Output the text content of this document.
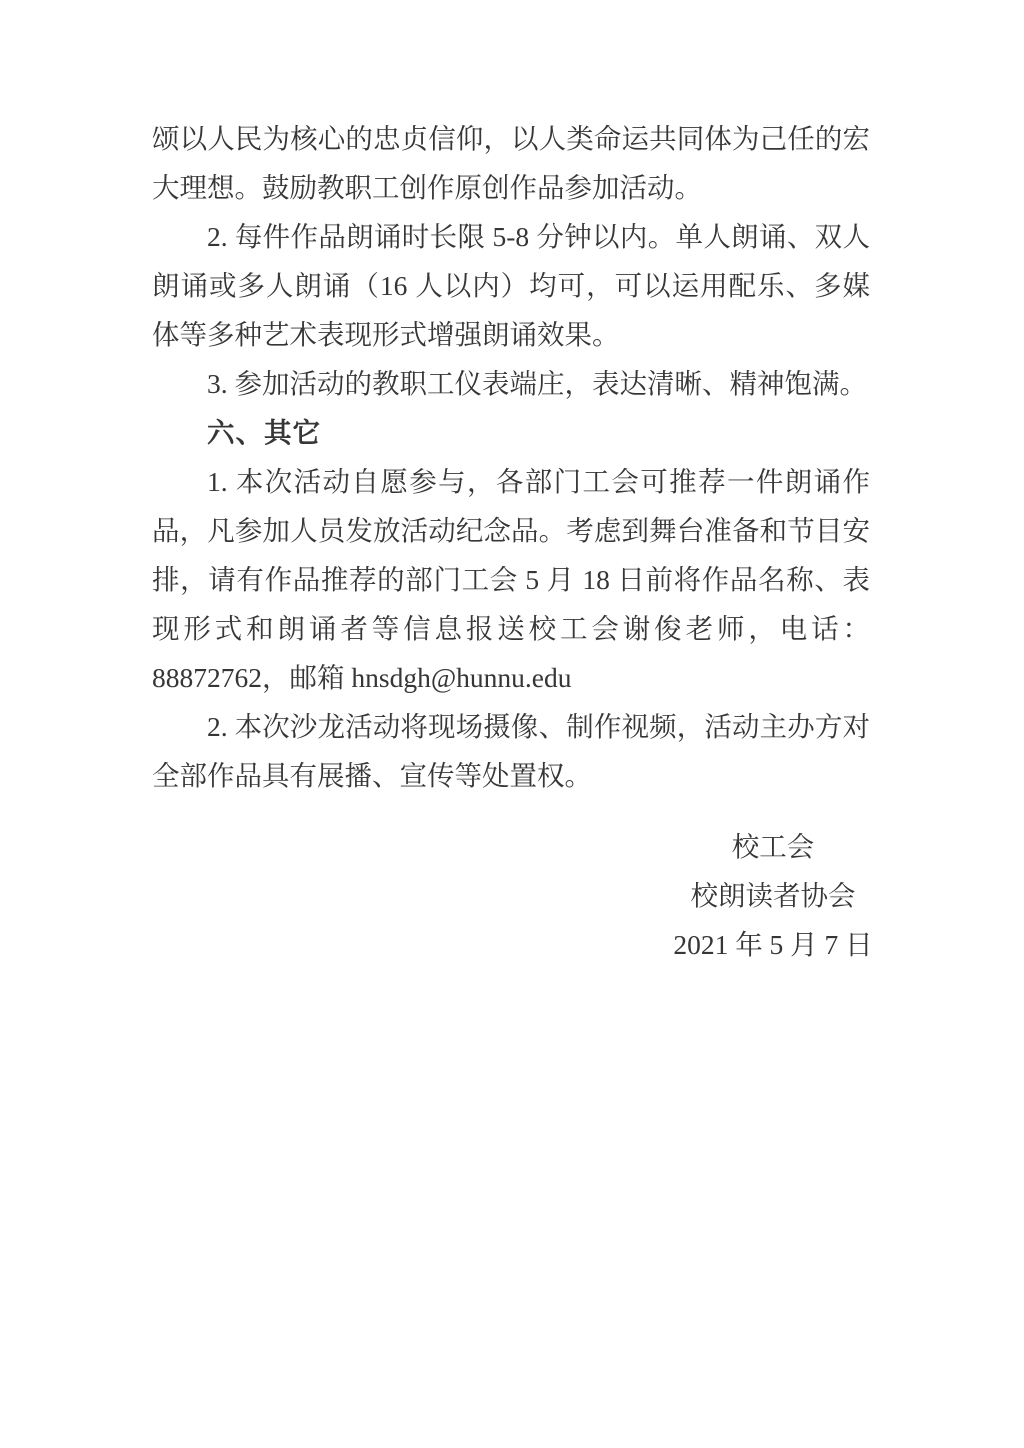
颂以人民为核心的忠贞信仰，以人类命运共同体为己任的宏大理想。鼓励教职工创作原创作品参加活动。

2. 每件作品朗诵时长限 5-8 分钟以内。单人朗诵、双人朗诵或多人朗诵（16 人以内）均可，可以运用配乐、多媒体等多种艺术表现形式增强朗诵效果。

3. 参加活动的教职工仪表端庄，表达清晰、精神饱满。

六、其它

1. 本次活动自愿参与，各部门工会可推荐一件朗诵作品，凡参加人员发放活动纪念品。考虑到舞台准备和节目安排，请有作品推荐的部门工会 5 月 18 日前将作品名称、表现形式和朗诵者等信息报送校工会谢俊老师，电话：88872762，邮箱 hnsdgh@hunnu.edu

2. 本次沙龙活动将现场摄像、制作视频，活动主办方对全部作品具有展播、宣传等处置权。

校工会
校朗读者协会
2021 年 5 月 7 日
